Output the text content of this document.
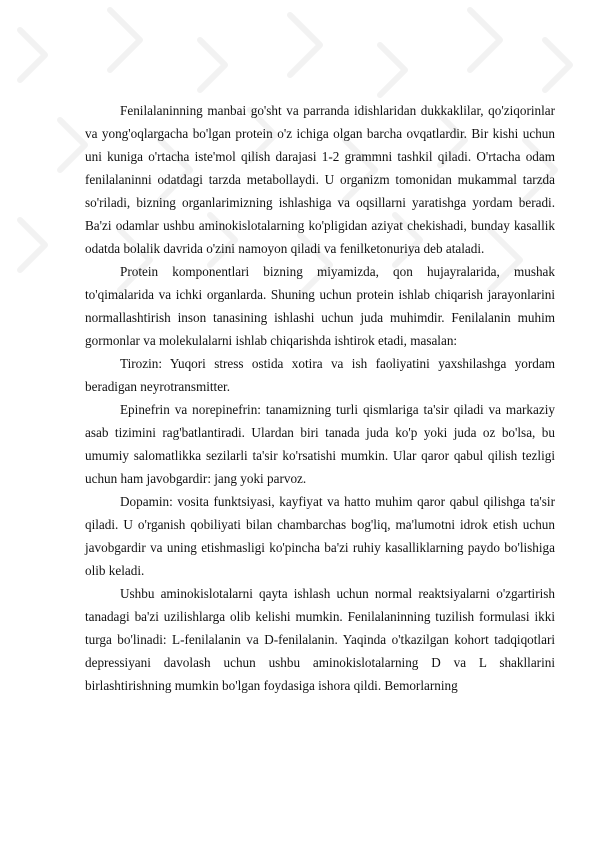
Fenilalaninning manbai go'sht va parranda idishlaridan dukkaklilar, qo'ziqorinlar va yong'oqlargacha bo'lgan protein o'z ichiga olgan barcha ovqatlardir. Bir kishi uchun uni kuniga o'rtacha iste'mol qilish darajasi 1-2 grammni tashkil qiladi. O'rtacha odam fenilalaninni odatdagi tarzda metabollaydi. U organizm tomonidan mukammal tarzda so'riladi, bizning organlarimizning ishlashiga va oqsillarni yaratishga yordam beradi. Ba'zi odamlar ushbu aminokislotalarning ko'pligidan aziyat chekishadi, bunday kasallik odatda bolalik davrida o'zini namoyon qiladi va fenilketonuriya deb ataladi.

Protein komponentlari bizning miyamizda, qon hujayralarida, mushak to'qimalarida va ichki organlarda. Shuning uchun protein ishlab chiqarish jarayonlarini normallashtirish inson tanasining ishlashi uchun juda muhimdir. Fenilalanin muhim gormonlar va molekulalarni ishlab chiqarishda ishtirok etadi, masalan:

Tirozin: Yuqori stress ostida xotira va ish faoliyatini yaxshilashga yordam beradigan neyrotransmitter.

Epinefrin va norepinefrin: tanamizning turli qismlariga ta'sir qiladi va markaziy asab tizimini rag'batlantiradi. Ulardan biri tanada juda ko'p yoki juda oz bo'lsa, bu umumiy salomatlikka sezilarli ta'sir ko'rsatishi mumkin. Ular qaror qabul qilish tezligi uchun ham javobgardir: jang yoki parvoz.

Dopamin: vosita funktsiyasi, kayfiyat va hatto muhim qaror qabul qilishga ta'sir qiladi. U o'rganish qobiliyati bilan chambarchas bog'liq, ma'lumotni idrok etish uchun javobgardir va uning etishmasligi ko'pincha ba'zi ruhiy kasalliklarning paydo bo'lishiga olib keladi.

Ushbu aminokislotalarni qayta ishlash uchun normal reaktsiyalarni o'zgartirish tanadagi ba'zi uzilishlarga olib kelishi mumkin. Fenilalaninning tuzilish formulasi ikki turga bo'linadi: L-fenilalanin va D-fenilalanin. Yaqinda o'tkazilgan kohort tadqiqotlari depressiyani davolash uchun ushbu aminokislotalarning D va L shakllarini birlashtirishning mumkin bo'lgan foydasiga ishora qildi. Bemorlarning
